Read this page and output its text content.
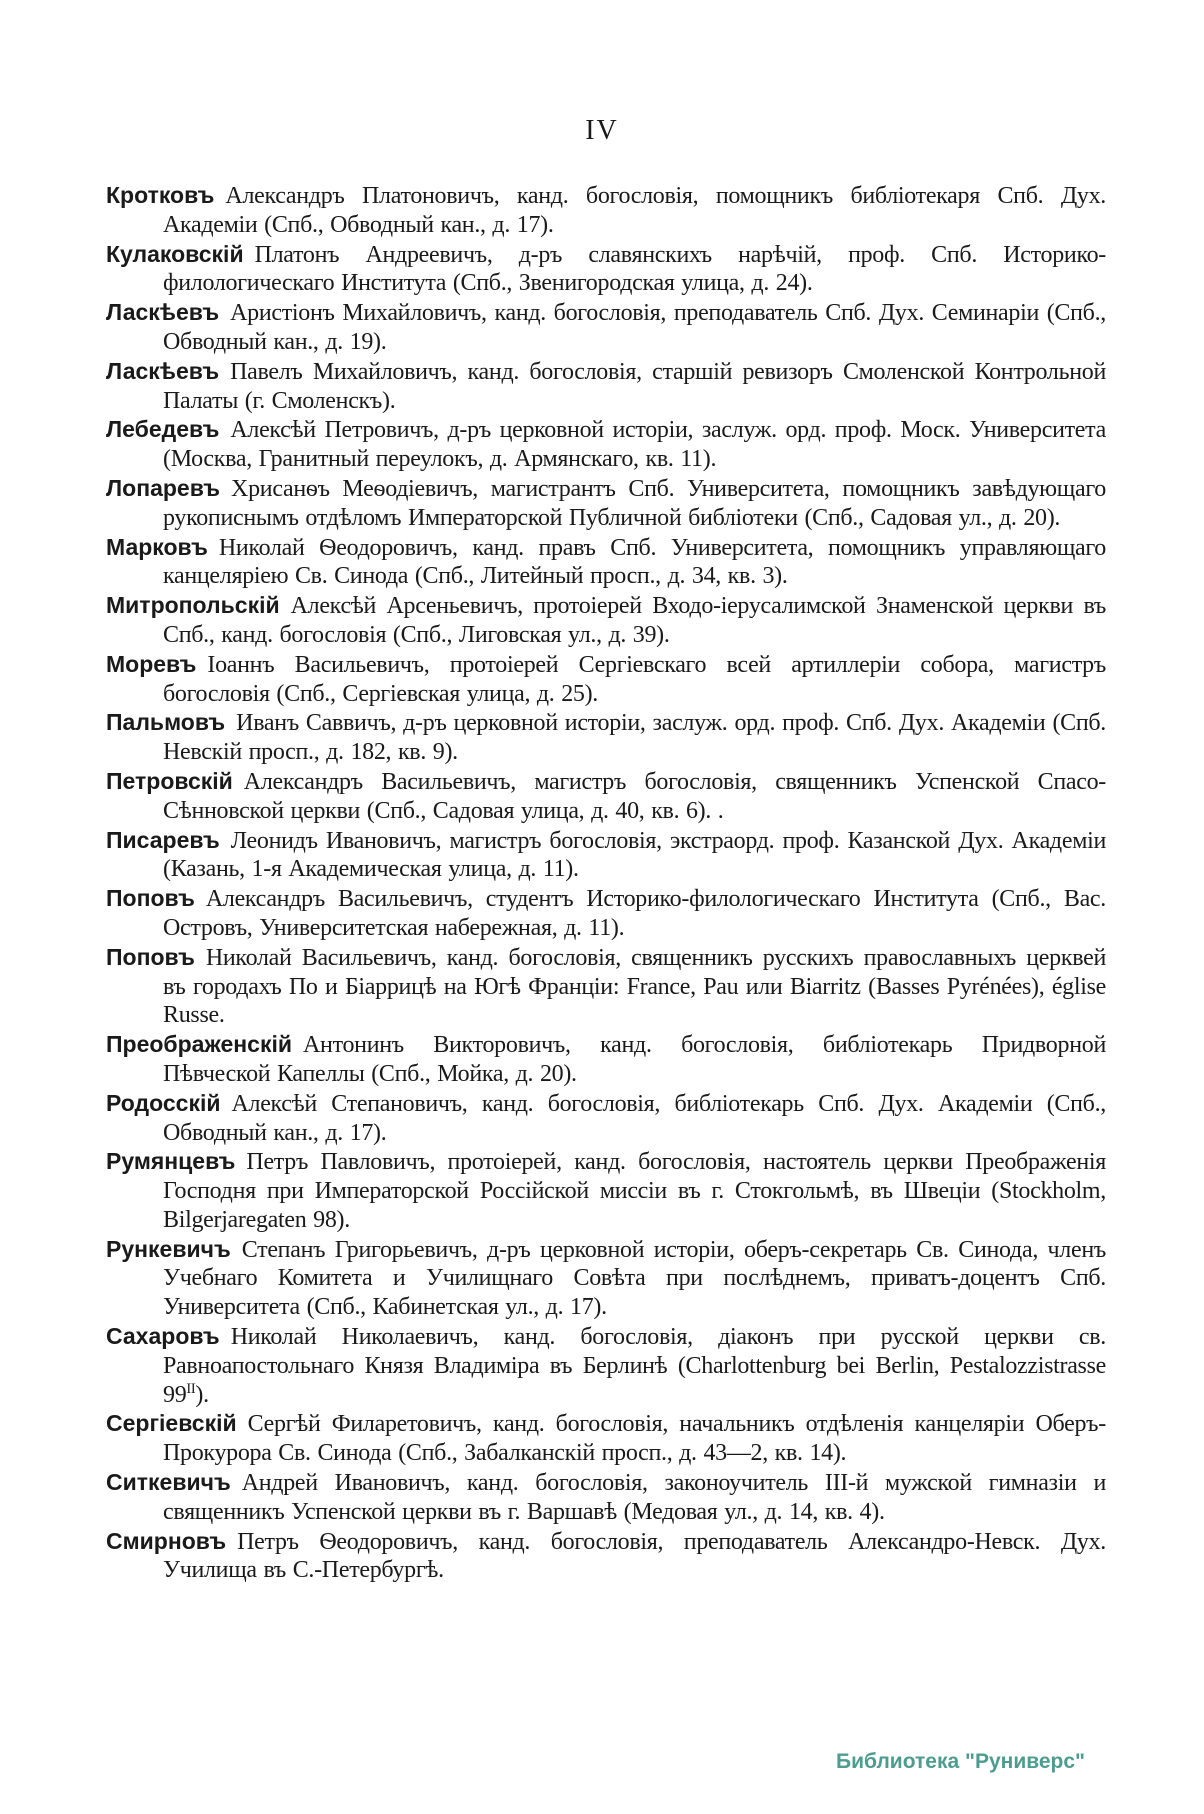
IV

Кротковъ Александръ Платоновичъ, канд. богословія, помощникъ библіотекаря Спб. Дух. Академіи (Спб., Обводный кан., д. 17).

Кулаковскій Платонъ Андреевичъ, д-ръ славянскихъ нарѣчій, проф. Спб. Историко-филологическаго Института (Спб., Звенигородская улица, д. 24).

Ласкѣевъ Аристіонъ Михайловичъ, канд. богословія, преподаватель Спб. Дух. Семинаріи (Спб., Обводный кан., д. 19).

Ласкѣевъ Павелъ Михайловичъ, канд. богословія, старшій ревизоръ Смоленской Контрольной Палаты (г. Смоленскъ).

Лебедевъ Алексѣй Петровичъ, д-ръ церковной исторіи, заслуж. орд. проф. Моск. Университета (Москва, Гранитный переулокъ, д. Армянскаго, кв. 11).

Лопаревъ Хрисанѳъ Меѳодіевичъ, магистрантъ Спб. Университета, помощникъ завѣдующаго рукописнымъ отдѣломъ Императорской Публичной библіотеки (Спб., Садовая ул., д. 20).

Марковъ Николай Ѳеодоровичъ, канд. правъ Спб. Университета, помощникъ управляющаго канцеляріею Св. Синода (Спб., Литейный просп., д. 34, кв. 3).

Митропольскій Алексѣй Арсеньевичъ, протоіерей Входо-іерусалимской Знаменской церкви въ Спб., канд. богословія (Спб., Лиговская ул., д. 39).

Моревъ Іоаннъ Васильевичъ, протоіерей Сергіевскаго всей артиллеріи собора, магистръ богословія (Спб., Сергіевская улица, д. 25).

Пальмовъ Иванъ Саввичъ, д-ръ церковной исторіи, заслуж. орд. проф. Спб. Дух. Академіи (Спб. Невскій просп., д. 182, кв. 9).

Петровскій Александръ Васильевичъ, магистръ богословія, священникъ Успенской Спасо-Сѣнновской церкви (Спб., Садовая улица, д. 40, кв. 6). .

Писаревъ Леонидъ Ивановичъ, магистръ богословія, экстраорд. проф. Казанской Дух. Академіи (Казань, 1-я Академическая улица, д. 11).

Поповъ Александръ Васильевичъ, студентъ Историко-филологическаго Института (Спб., Вас. Островъ, Университетская набережная, д. 11).

Поповъ Николай Васильевичъ, канд. богословія, священникъ русскихъ православныхъ церквей въ городахъ По и Біаррицѣ на Югѣ Франціи: France, Pau или Biarritz (Basses Pyrénées), église Russe.

Преображенскій Антонинъ Викторовичъ, канд. богословія, библіотекарь Придворной Пѣвческой Капеллы (Спб., Мойка, д. 20).

Родосскій Алексѣй Степановичъ, канд. богословія, библіотекарь Спб. Дух. Академіи (Спб., Обводный кан., д. 17).

Румянцевъ Петръ Павловичъ, протоіерей, канд. богословія, настоятель церкви Преображенія Господня при Императорской Россійской миссіи въ г. Стокгольмѣ, въ Швеціи (Stockholm, Bilgerjaregaten 98).

Рункевичъ Степанъ Григорьевичъ, д-ръ церковной исторіи, оберъ-секретарь Св. Синода, членъ Учебнаго Комитета и Училищнаго Совѣта при послѣднемъ, приватъ-доцентъ Спб. Университета (Спб., Кабинетская ул., д. 17).

Сахаровъ Николай Николаевичъ, канд. богословія, діаконъ при русской церкви св. Равноапостольнаго Князя Владиміра въ Берлинѣ (Charlottenburg bei Berlin, Pestalozzistrasse $99^{II}$).

Сергіевскій Сергѣй Филаретовичъ, канд. богословія, начальникъ отдѣленія канцеляріи Оберъ-Прокурора Св. Синода (Спб., Забалканскій просп., д. 43—2, кв. 14).

Ситкевичъ Андрей Ивановичъ, канд. богословія, законоучитель III-й мужской гимназіи и священникъ Успенской церкви въ г. Варшавѣ (Медовая ул., д. 14, кв. 4).

Смирновъ Петръ Ѳеодоровичъ, канд. богословія, преподаватель Александро-Невск. Дух. Училища въ С.-Петербургѣ.

Библиотека "Руниверс"
